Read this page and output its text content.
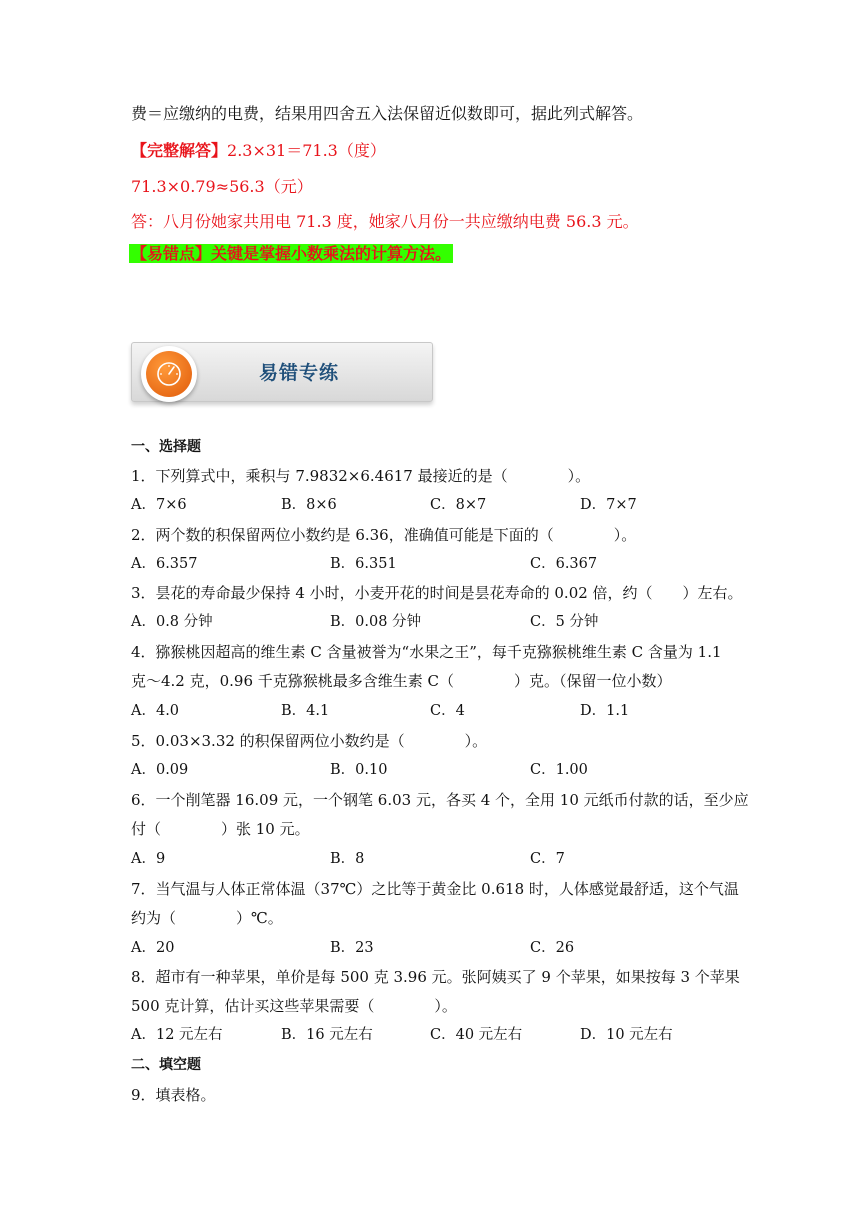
费＝应缴纳的电费，结果用四舍五入法保留近似数即可，据此列式解答。
【完整解答】2.3×31＝71.3（度）
71.3×0.79≈56.3（元）
答：八月份她家共用电 71.3 度，她家八月份一共应缴纳电费 56.3 元。
【易错点】关键是掌握小数乘法的计算方法。
易错专练
一、选择题
1．下列算式中，乘积与 7.9832×6.4617 最接近的是（　　　　）。
A．7×6	B．8×6	C．8×7	D．7×7
2．两个数的积保留两位小数约是 6.36，准确值可能是下面的（　　　　）。
A．6.357	B．6.351	C．6.367
3．昙花的寿命最少保持 4 小时，小麦开花的时间是昙花寿命的 0.02 倍，约（　　）左右。
A．0.8 分钟	B．0.08 分钟	C．5 分钟
4．猕猴桃因超高的维生素 C 含量被誉为“水果之王”，每千克猕猴桃维生素 C 含量为 1.1
克～4.2 克，0.96 千克猕猴桃最多含维生素 C（　　　　）克。（保留一位小数）
A．4.0	B．4.1	C．4	D．1.1
5．0.03×3.32 的积保留两位小数约是（　　　　）。
A．0.09	B．0.10	C．1.00
6．一个削笔器 16.09 元，一个钢笔 6.03 元，各买 4 个，全用 10 元纸币付款的话，至少应
付（　　　　）张 10 元。
A．9	B．8	C．7
7．当气温与人体正常体温（37℃）之比等于黄金比 0.618 时，人体感觉最舒适，这个气温
约为（　　　　）℃。
A．20	B．23	C．26
8．超市有一种苹果，单价是每 500 克 3.96 元。张阿姨买了 9 个苹果，如果按每 3 个苹果
500 克计算，估计买这些苹果需要（　　　　）。
A．12 元左右	B．16 元左右	C．40 元左右	D．10 元左右
二、填空题
9．填表格。
